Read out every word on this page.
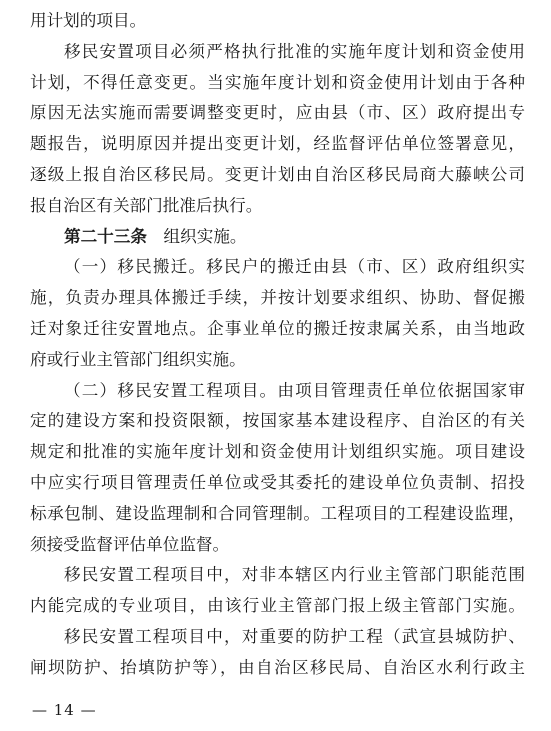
用计划的项目。
移民安置项目必须严格执行批准的实施年度计划和资金使用
计划，不得任意变更。当实施年度计划和资金使用计划由于各种
原因无法实施而需要调整变更时，应由县（市、区）政府提出专
题报告，说明原因并提出变更计划，经监督评估单位签署意见，
逐级上报自治区移民局。变更计划由自治区移民局商大藤峡公司
报自治区有关部门批准后执行。
第二十三条　组织实施。
（一）移民搬迁。移民户的搬迁由县（市、区）政府组织实
施，负责办理具体搬迁手续，并按计划要求组织、协助、督促搬
迁对象迁往安置地点。企事业单位的搬迁按隶属关系，由当地政
府或行业主管部门组织实施。
（二）移民安置工程项目。由项目管理责任单位依据国家审
定的建设方案和投资限额，按国家基本建设程序、自治区的有关
规定和批准的实施年度计划和资金使用计划组织实施。项目建设
中应实行项目管理责任单位或受其委托的建设单位负责制、招投
标承包制、建设监理制和合同管理制。工程项目的工程建设监理，
须接受监督评估单位监督。
移民安置工程项目中，对非本辖区内行业主管部门职能范围
内能完成的专业项目，由该行业主管部门报上级主管部门实施。
移民安置工程项目中，对重要的防护工程（武宣县城防护、
闸坝防护、抬填防护等），由自治区移民局、自治区水利行政主
— 14 —
